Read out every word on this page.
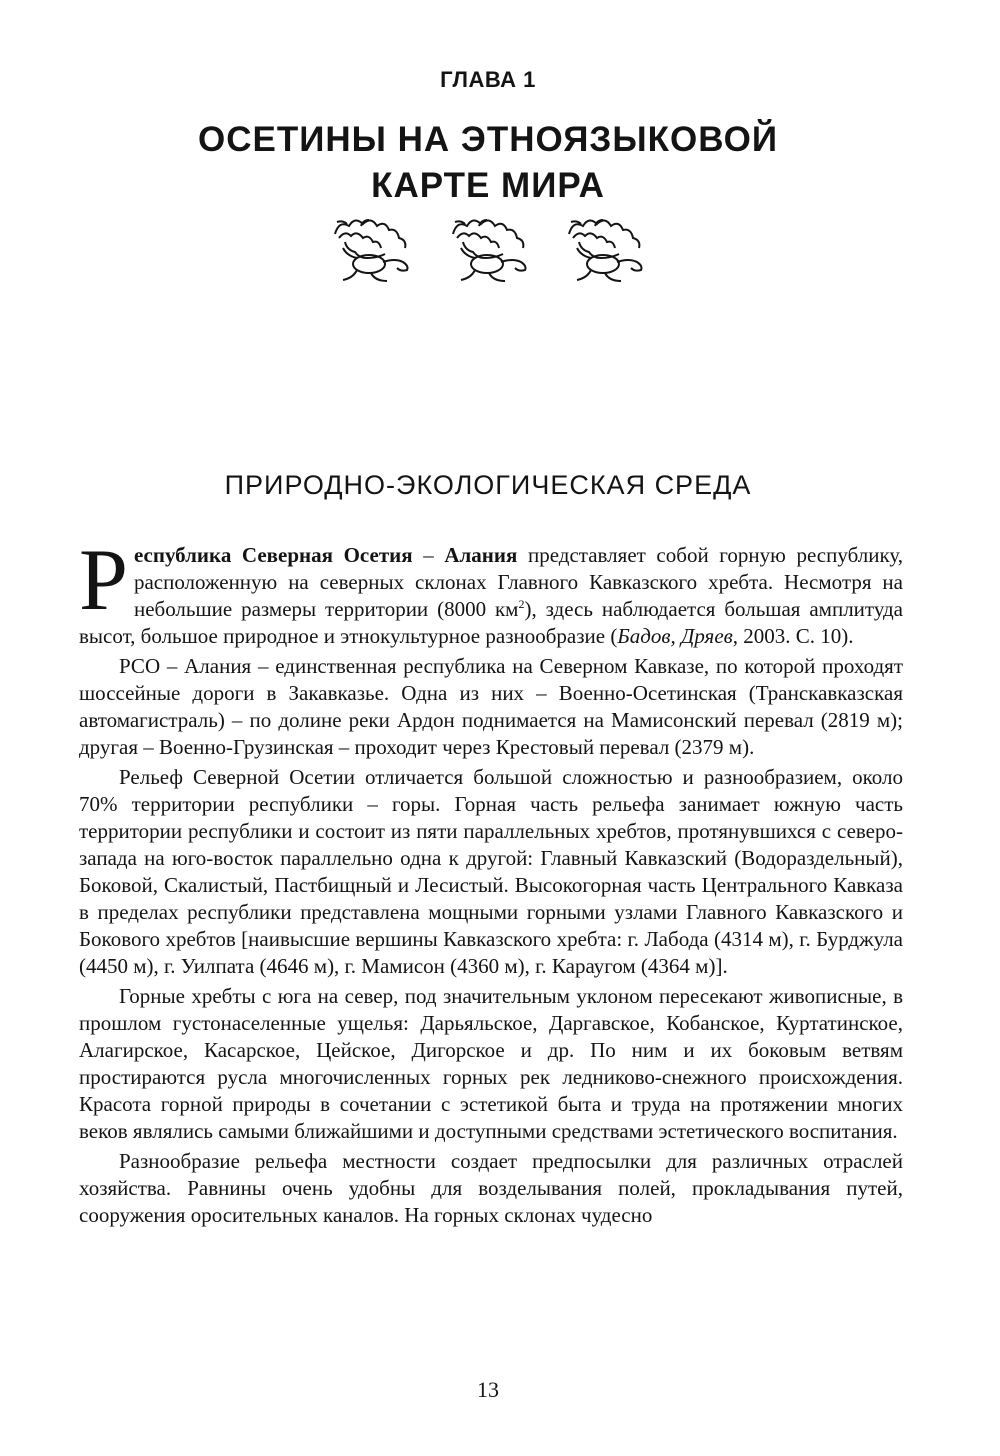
ГЛАВА 1
ОСЕТИНЫ НА ЭТНОЯЗЫКОВОЙ
КАРТЕ МИРА
ПРИРОДНО-ЭКОЛОГИЧЕСКАЯ СРЕДА

Республика Северная Осетия – Алания представляет собой горную республику, расположенную на северных склонах Главного Кавказского хребта. Несмотря на небольшие размеры территории (8000 $км^2$), здесь наблюдается большая амплитуда высот, большое природное и этнокультурное разнообразие (Бадов, Дряев, 2003. С. 10).

РСО – Алания – единственная республика на Северном Кавказе, по которой проходят шоссейные дороги в Закавказье. Одна из них – Военно-Осетинская (Транскавказская автомагистраль) – по долине реки Ардон поднимается на Мамисонский перевал (2819 м); другая – Военно-Грузинская – проходит через Крестовый перевал (2379 м).

Рельеф Северной Осетии отличается большой сложностью и разнообразием, около 70% территории республики – горы. Горная часть рельефа занимает южную часть территории республики и состоит из пяти параллельных хребтов, протянувшихся с северо-запада на юго-восток параллельно одна к другой: Главный Кавказский (Водораздельный), Боковой, Скалистый, Пастбищный и Лесистый. Высокогорная часть Центрального Кавказа в пределах республики представлена мощными горными узлами Главного Кавказского и Бокового хребтов [наивысшие вершины Кавказского хребта: г. Лабода (4314 м), г. Бурджула (4450 м), г. Уилпата (4646 м), г. Мамисон (4360 м), г. Караугом (4364 м)].

Горные хребты с юга на север, под значительным уклоном пересекают живописные, в прошлом густонаселенные ущелья: Дарьяльское, Даргавское, Кобанское, Куртатинское, Алагирское, Касарское, Цейское, Дигорское и др. По ним и их боковым ветвям простираются русла многочисленных горных рек ледниково-снежного происхождения. Красота горной природы в сочетании с эстетикой быта и труда на протяжении многих веков являлись самыми ближайшими и доступными средствами эстетического воспитания.

Разнообразие рельефа местности создает предпосылки для различных отраслей хозяйства. Равнины очень удобны для возделывания полей, прокладывания путей, сооружения оросительных каналов. На горных склонах чудесно

13
